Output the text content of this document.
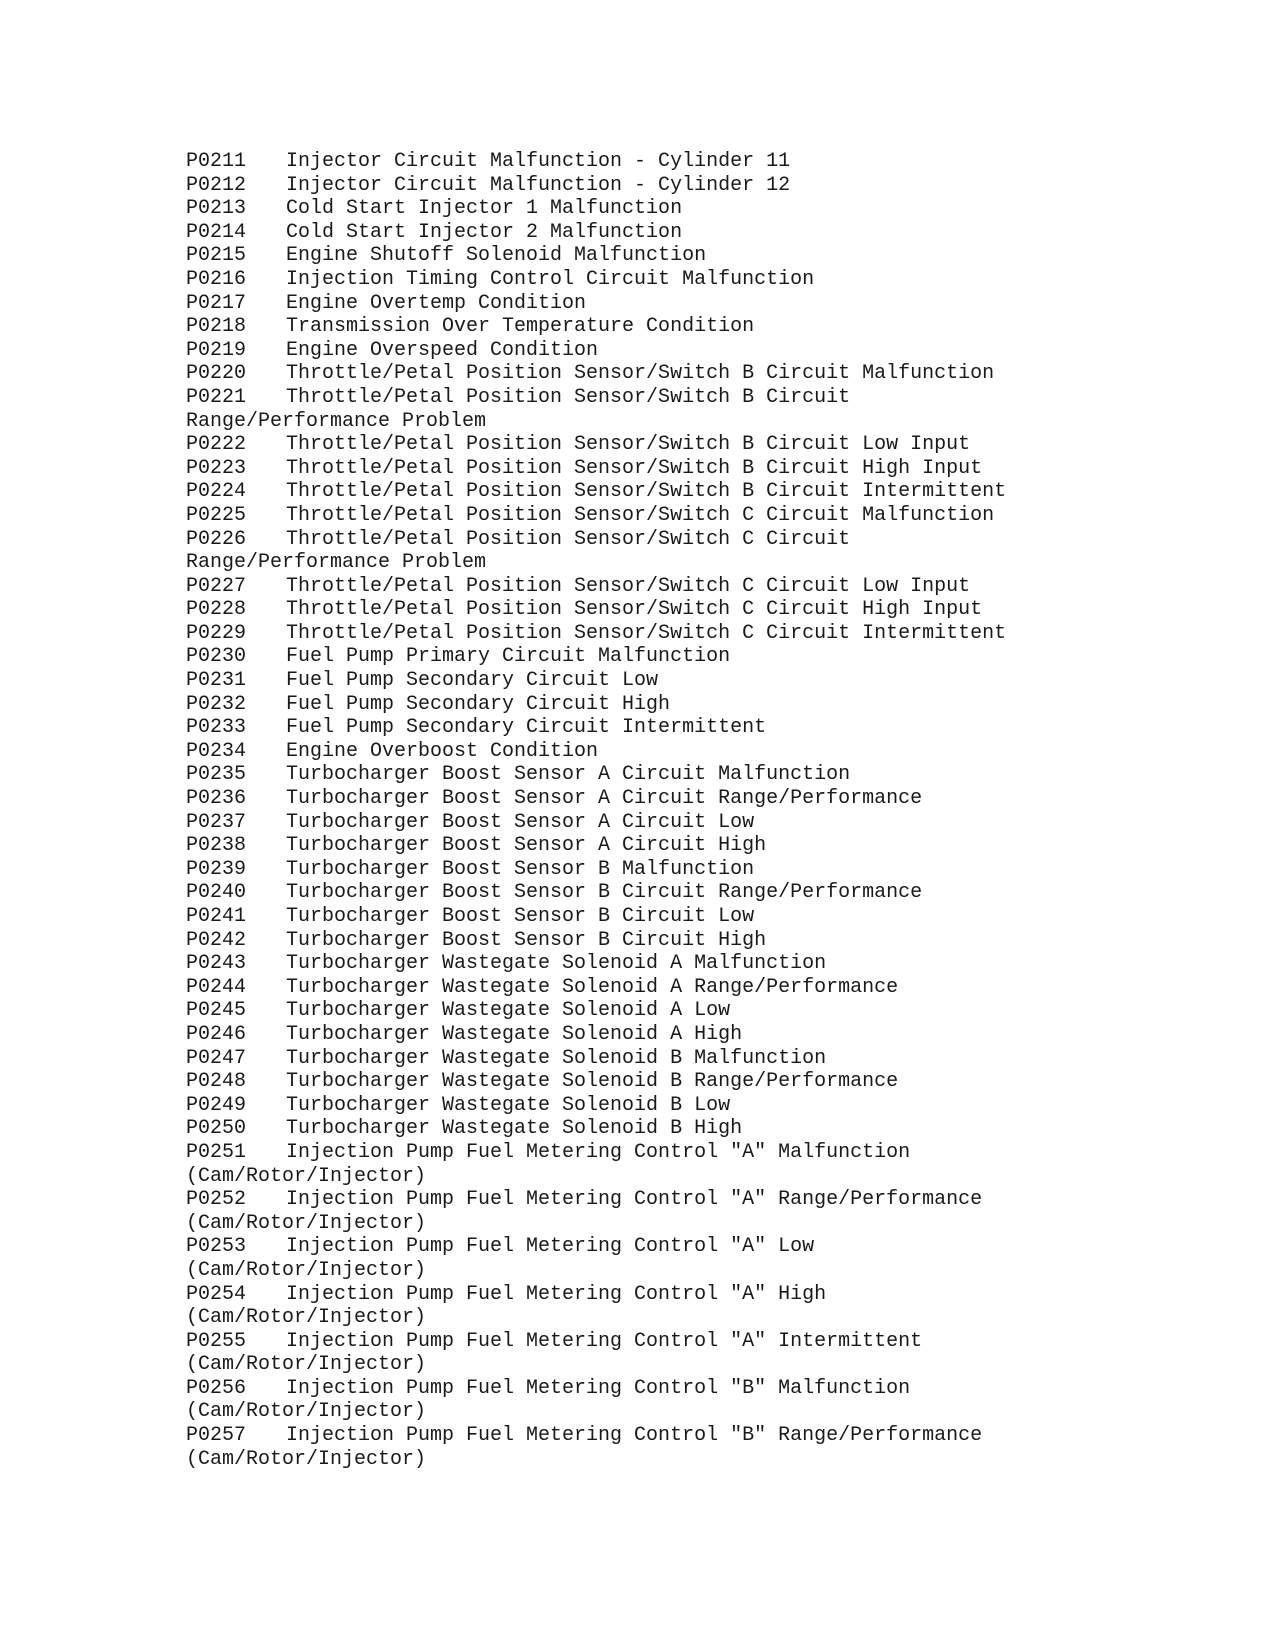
P0211 Injector Circuit Malfunction - Cylinder 11
P0212 Injector Circuit Malfunction - Cylinder 12
P0213 Cold Start Injector 1 Malfunction
P0214 Cold Start Injector 2 Malfunction
P0215 Engine Shutoff Solenoid Malfunction
P0216 Injection Timing Control Circuit Malfunction
P0217 Engine Overtemp Condition
P0218 Transmission Over Temperature Condition
P0219 Engine Overspeed Condition
P0220 Throttle/Petal Position Sensor/Switch B Circuit Malfunction
P0221 Throttle/Petal Position Sensor/Switch B Circuit
Range/Performance Problem
P0222 Throttle/Petal Position Sensor/Switch B Circuit Low Input
P0223 Throttle/Petal Position Sensor/Switch B Circuit High Input
P0224 Throttle/Petal Position Sensor/Switch B Circuit Intermittent
P0225 Throttle/Petal Position Sensor/Switch C Circuit Malfunction
P0226 Throttle/Petal Position Sensor/Switch C Circuit
Range/Performance Problem
P0227 Throttle/Petal Position Sensor/Switch C Circuit Low Input
P0228 Throttle/Petal Position Sensor/Switch C Circuit High Input
P0229 Throttle/Petal Position Sensor/Switch C Circuit Intermittent
P0230 Fuel Pump Primary Circuit Malfunction
P0231 Fuel Pump Secondary Circuit Low
P0232 Fuel Pump Secondary Circuit High
P0233 Fuel Pump Secondary Circuit Intermittent
P0234 Engine Overboost Condition
P0235 Turbocharger Boost Sensor A Circuit Malfunction
P0236 Turbocharger Boost Sensor A Circuit Range/Performance
P0237 Turbocharger Boost Sensor A Circuit Low
P0238 Turbocharger Boost Sensor A Circuit High
P0239 Turbocharger Boost Sensor B Malfunction
P0240 Turbocharger Boost Sensor B Circuit Range/Performance
P0241 Turbocharger Boost Sensor B Circuit Low
P0242 Turbocharger Boost Sensor B Circuit High
P0243 Turbocharger Wastegate Solenoid A Malfunction
P0244 Turbocharger Wastegate Solenoid A Range/Performance
P0245 Turbocharger Wastegate Solenoid A Low
P0246 Turbocharger Wastegate Solenoid A High
P0247 Turbocharger Wastegate Solenoid B Malfunction
P0248 Turbocharger Wastegate Solenoid B Range/Performance
P0249 Turbocharger Wastegate Solenoid B Low
P0250 Turbocharger Wastegate Solenoid B High
P0251 Injection Pump Fuel Metering Control "A" Malfunction
(Cam/Rotor/Injector)
P0252 Injection Pump Fuel Metering Control "A" Range/Performance
(Cam/Rotor/Injector)
P0253 Injection Pump Fuel Metering Control "A" Low
(Cam/Rotor/Injector)
P0254 Injection Pump Fuel Metering Control "A" High
(Cam/Rotor/Injector)
P0255 Injection Pump Fuel Metering Control "A" Intermittent
(Cam/Rotor/Injector)
P0256 Injection Pump Fuel Metering Control "B" Malfunction
(Cam/Rotor/Injector)
P0257 Injection Pump Fuel Metering Control "B" Range/Performance
(Cam/Rotor/Injector)
